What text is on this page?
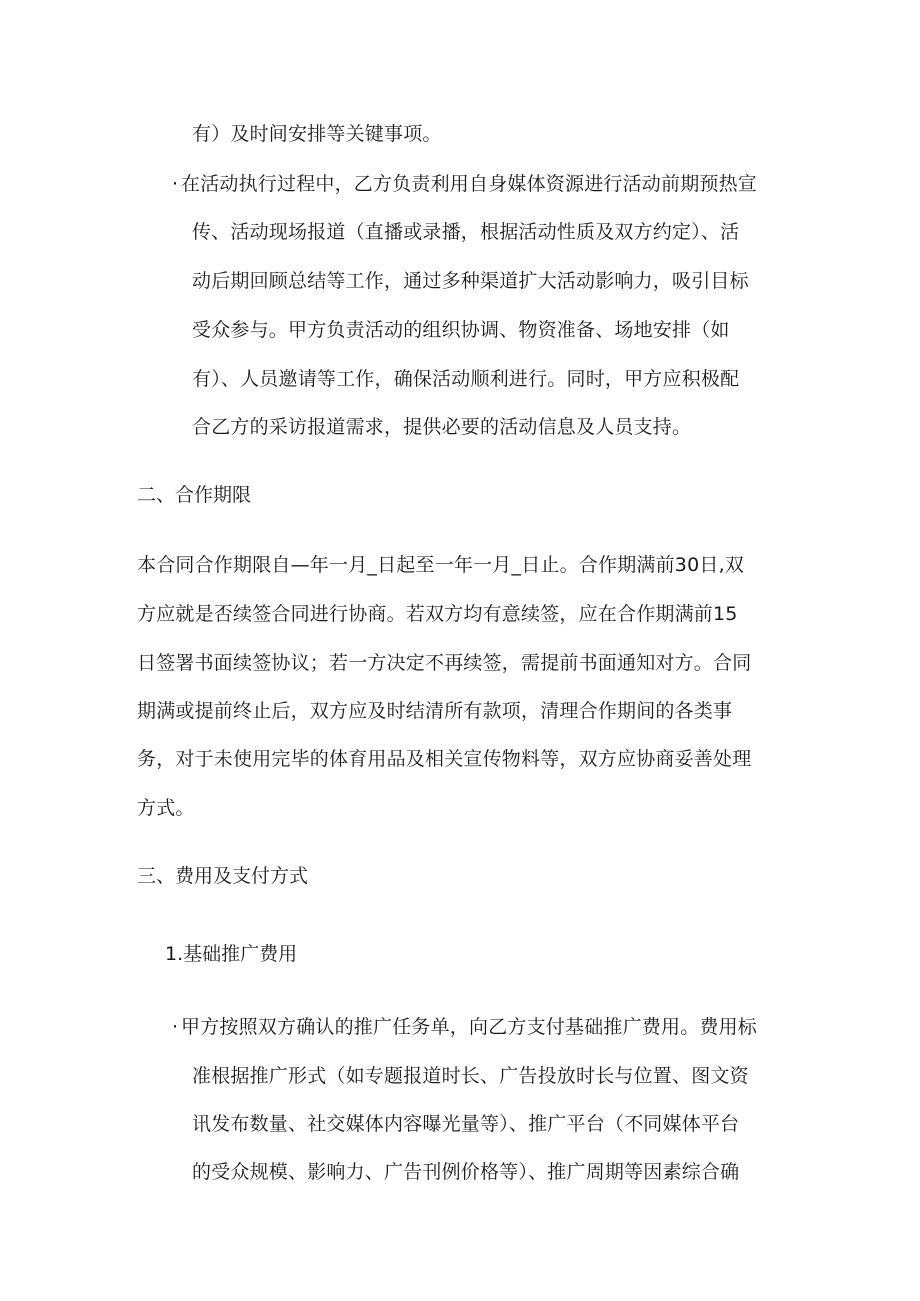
有）及时间安排等关键事项。
· 在活动执行过程中，乙方负责利用自身媒体资源进行活动前期预热宣
传、活动现场报道（直播或录播，根据活动性质及双方约定）、活
动后期回顾总结等工作，通过多种渠道扩大活动影响力，吸引目标
受众参与。甲方负责活动的组织协调、物资准备、场地安排（如
有）、人员邀请等工作，确保活动顺利进行。同时，甲方应积极配
合乙方的采访报道需求，提供必要的活动信息及人员支持。
二、合作期限
本合同合作期限自—年一月_日起至一年一月_日止。合作期满前30日,双
方应就是否续签合同进行协商。若双方均有意续签，应在合作期满前15
日签署书面续签协议；若一方决定不再续签，需提前书面通知对方。合同
期满或提前终止后，双方应及时结清所有款项，清理合作期间的各类事
务，对于未使用完毕的体育用品及相关宣传物料等，双方应协商妥善处理
方式。
三、费用及支付方式
1.基础推广费用
· 甲方按照双方确认的推广任务单，向乙方支付基础推广费用。费用标
准根据推广形式（如专题报道时长、广告投放时长与位置、图文资
讯发布数量、社交媒体内容曝光量等）、推广平台（不同媒体平台
的受众规模、影响力、广告刊例价格等）、推广周期等因素综合确
